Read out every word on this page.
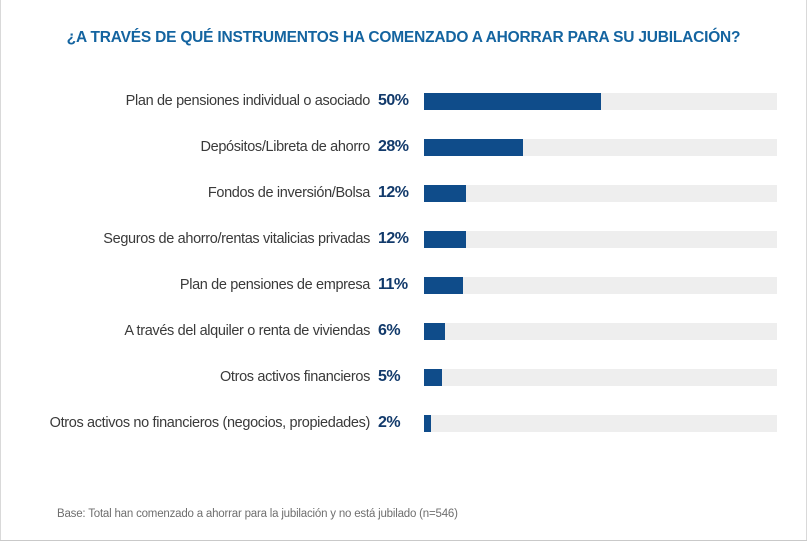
¿A TRAVÉS DE QUÉ INSTRUMENTOS HA COMENZADO A AHORRAR PARA SU JUBILACIÓN?
Plan de pensiones individual o asociado 50%
Depósitos/Libreta de ahorro 28%
Fondos de inversión/Bolsa 12%
Seguros de ahorro/rentas vitalicias privadas 12%
Plan de pensiones de empresa 11%
A través del alquiler o renta de viviendas 6%
Otros activos financieros 5%
Otros activos no financieros (negocios, propiedades) 2%
Base: Total han comenzado a ahorrar para la jubilación y no está jubilado (n=546)
